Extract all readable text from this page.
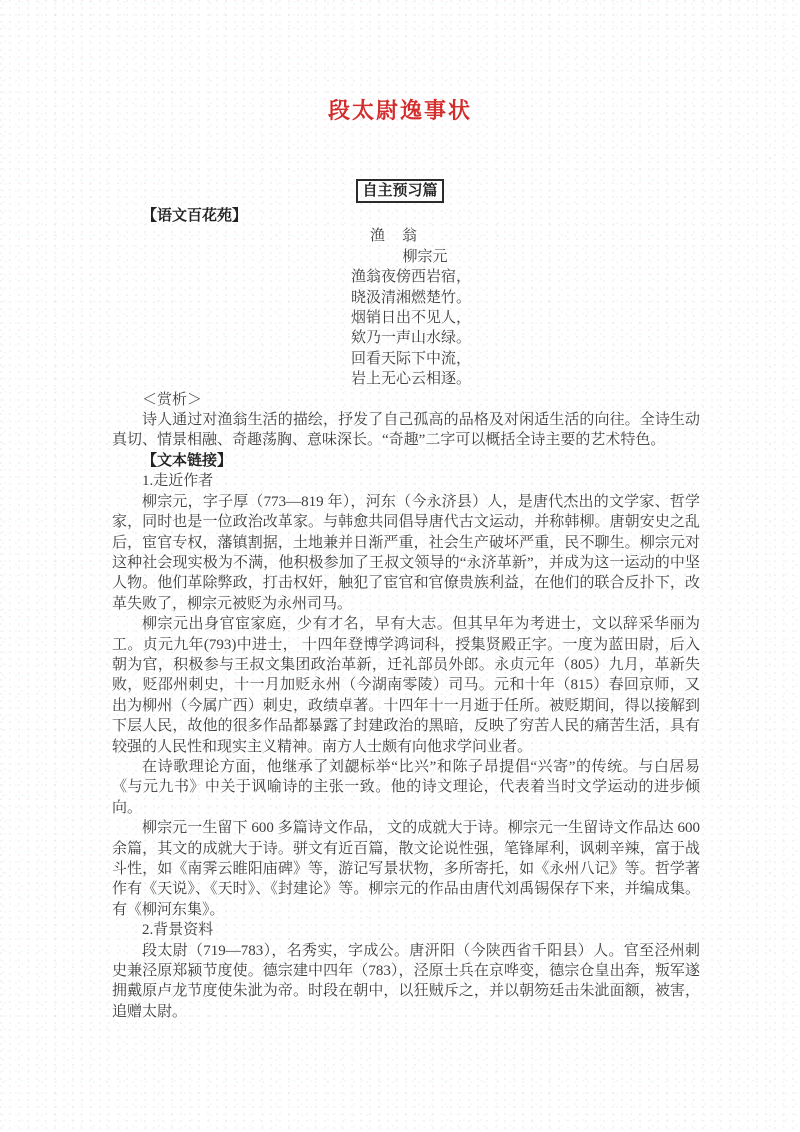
段太尉逸事状
自主预习篇
【语文百花苑】
渔　翁
柳宗元
渔翁夜傍西岩宿，
晓汲清湘燃楚竹。
烟销日出不见人，
欸乃一声山水绿。
回看天际下中流，
岩上无心云相逐。
＜赏析＞

诗人通过对渔翁生活的描绘，抒发了自己孤高的品格及对闲适生活的向往。全诗生动真切、情景相融、奇趣荡胸、意味深长。“奇趣”二字可以概括全诗主要的艺术特色。

【文本链接】
1.走近作者

柳宗元，字子厚（773—819 年），河东（今永济县）人，是唐代杰出的文学家、哲学家，同时也是一位政治改革家。与韩愈共同倡导唐代古文运动，并称韩柳。唐朝安史之乱后，宦官专权，藩镇割据，土地兼并日渐严重，社会生产破坏严重，民不聊生。柳宗元对这种社会现实极为不满，他积极参加了王叔文领导的“永济革新”，并成为这一运动的中坚人物。他们革除弊政，打击权奸，触犯了宦官和官僚贵族利益，在他们的联合反扑下，改革失败了，柳宗元被贬为永州司马。

柳宗元出身官宦家庭，少有才名，早有大志。但其早年为考进士，文以辞采华丽为工。贞元九年(793)中进士， 十四年登博学鸿词科，授集贤殿正字。一度为蓝田尉，后入朝为官，积极参与王叔文集团政治革新，迁礼部员外郎。永贞元年（805）九月，革新失败，贬邵州刺史，十一月加贬永州（今湖南零陵）司马。元和十年（815）春回京师，又出为柳州（今属广西）刺史，政绩卓著。十四年十一月逝于任所。被贬期间，得以接解到下层人民，故他的很多作品都暴露了封建政治的黑暗，反映了穷苦人民的痛苦生活，具有较强的人民性和现实主义精神。南方人士颇有向他求学问业者。

在诗歌理论方面，他继承了刘勰标举“比兴”和陈子昂提倡“兴寄”的传统。与白居易《与元九书》中关于讽喻诗的主张一致。他的诗文理论，代表着当时文学运动的进步倾向。

柳宗元一生留下 600 多篇诗文作品， 文的成就大于诗。柳宗元一生留诗文作品达 600 余篇，其文的成就大于诗。骈文有近百篇，散文论说性强，笔锋犀利，讽刺辛辣，富于战斗性，如《南霁云睢阳庙碑》等，游记写景状物，多所寄托，如《永州八记》等。哲学著作有《天说》、《天时》、《封建论》等。柳宗元的作品由唐代刘禹锡保存下来，并编成集。有《柳河东集》。

2.背景资料

段太尉（719—783），名秀实，字成公。唐汧阳（今陕西省千阳县）人。官至泾州刺史兼泾原郑颍节度使。德宗建中四年（783），泾原士兵在京哗变，德宗仓皇出奔，叛军遂拥戴原卢龙节度使朱泚为帝。时段在朝中，以狂贼斥之，并以朝笏廷击朱泚面额，被害，追赠太尉。
